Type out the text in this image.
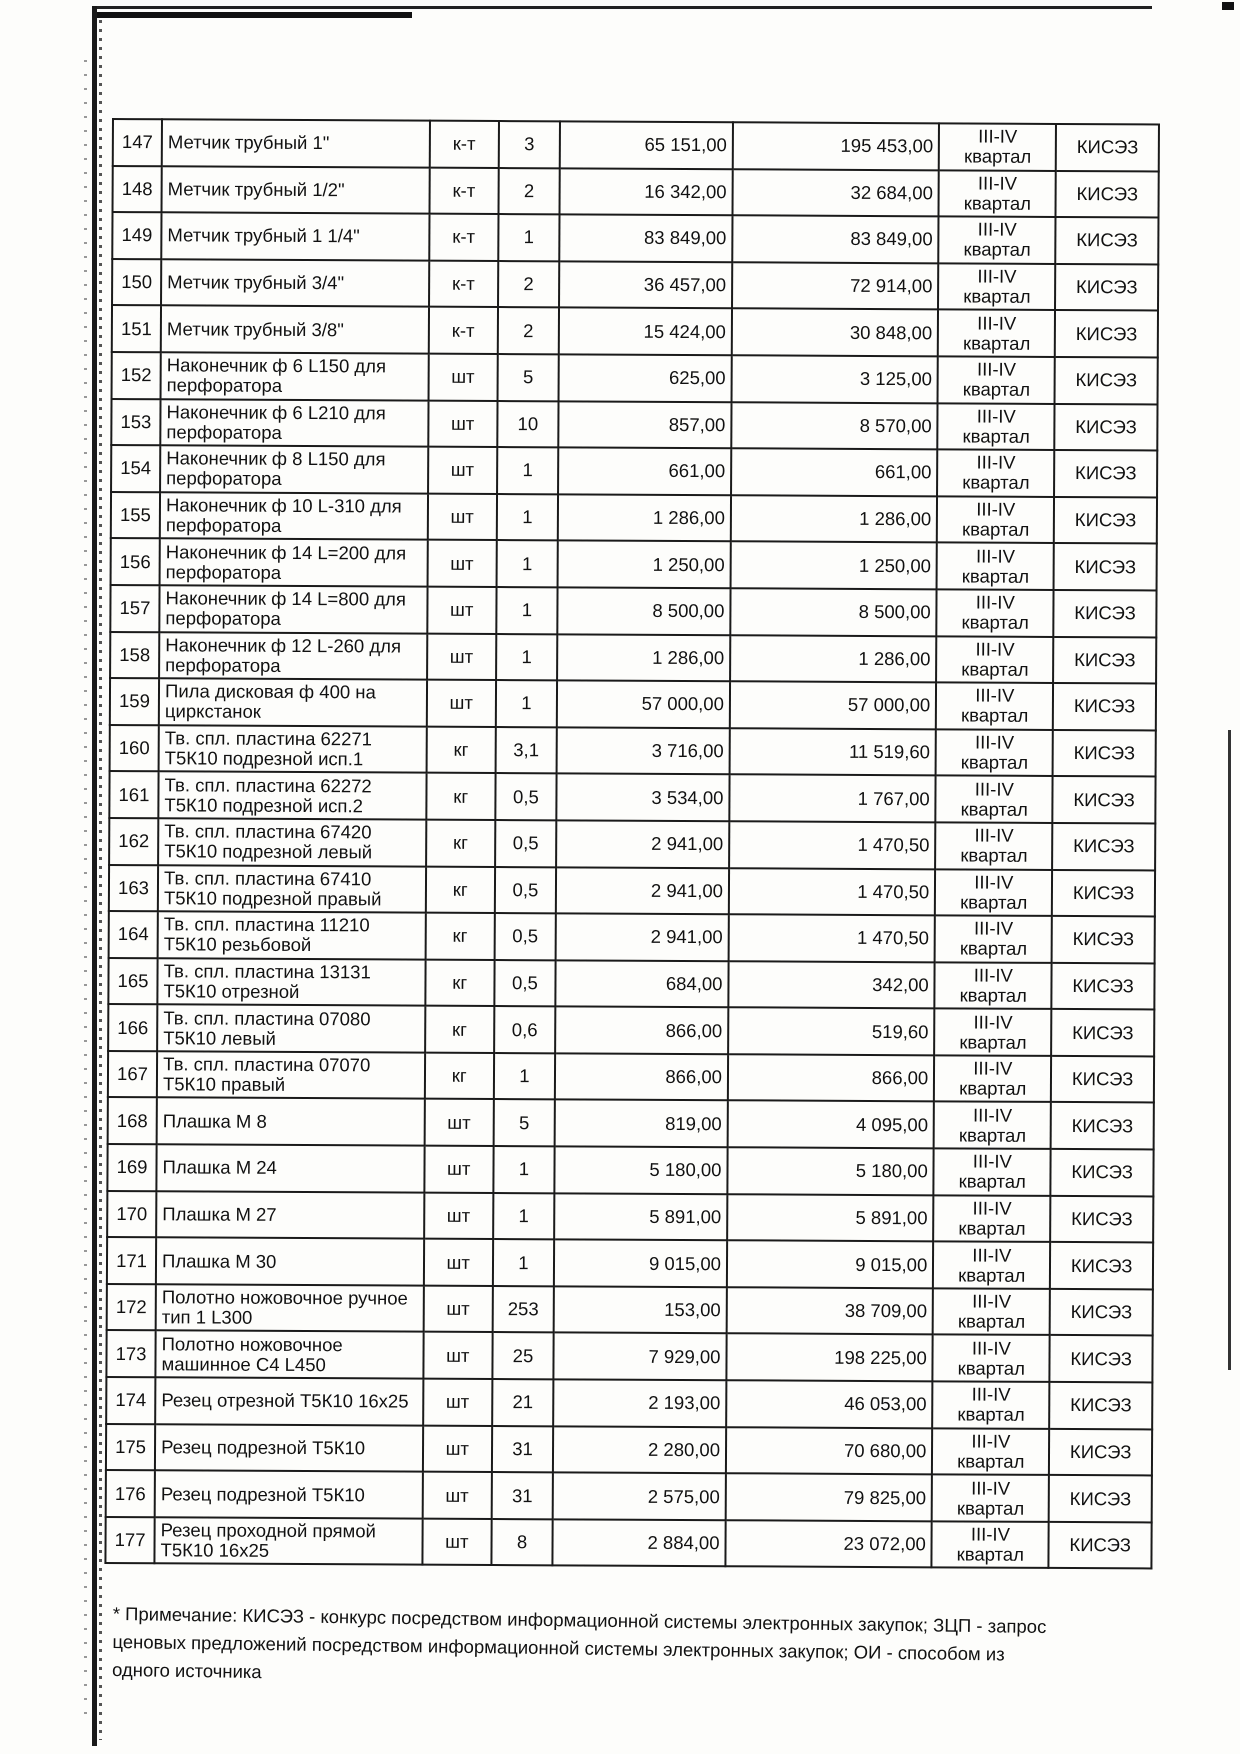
147	Метчик трубный 1"	к-т	3	65 151,00	195 453,00	III-IV квартал	КИСЭЗ
148	Метчик трубный 1/2"	к-т	2	16 342,00	32 684,00	III-IV квартал	КИСЭЗ
149	Метчик трубный 1 1/4"	к-т	1	83 849,00	83 849,00	III-IV квартал	КИСЭЗ
150	Метчик трубный 3/4"	к-т	2	36 457,00	72 914,00	III-IV квартал	КИСЭЗ
151	Метчик трубный 3/8"	к-т	2	15 424,00	30 848,00	III-IV квартал	КИСЭЗ
152	Наконечник ф 6 L150 для перфоратора	шт	5	625,00	3 125,00	III-IV квартал	КИСЭЗ
153	Наконечник ф 6 L210 для перфоратора	шт	10	857,00	8 570,00	III-IV квартал	КИСЭЗ
154	Наконечник ф 8 L150 для перфоратора	шт	1	661,00	661,00	III-IV квартал	КИСЭЗ
155	Наконечник ф 10 L-310 для перфоратора	шт	1	1 286,00	1 286,00	III-IV квартал	КИСЭЗ
156	Наконечник ф 14 L=200 для перфоратора	шт	1	1 250,00	1 250,00	III-IV квартал	КИСЭЗ
157	Наконечник ф 14 L=800 для перфоратора	шт	1	8 500,00	8 500,00	III-IV квартал	КИСЭЗ
158	Наконечник ф 12 L-260 для перфоратора	шт	1	1 286,00	1 286,00	III-IV квартал	КИСЭЗ
159	Пила дисковая ф 400 на циркстанок	шт	1	57 000,00	57 000,00	III-IV квартал	КИСЭЗ
160	Тв. спл. пластина 62271 Т5К10 подрезной исп.1	кг	3,1	3 716,00	11 519,60	III-IV квартал	КИСЭЗ
161	Тв. спл. пластина 62272 Т5К10 подрезной исп.2	кг	0,5	3 534,00	1 767,00	III-IV квартал	КИСЭЗ
162	Тв. спл. пластина 67420 Т5К10 подрезной левый	кг	0,5	2 941,00	1 470,50	III-IV квартал	КИСЭЗ
163	Тв. спл. пластина 67410 Т5К10 подрезной правый	кг	0,5	2 941,00	1 470,50	III-IV квартал	КИСЭЗ
164	Тв. спл. пластина 11210 Т5К10 резьбовой	кг	0,5	2 941,00	1 470,50	III-IV квартал	КИСЭЗ
165	Тв. спл. пластина 13131 Т5К10 отрезной	кг	0,5	684,00	342,00	III-IV квартал	КИСЭЗ
166	Тв. спл. пластина 07080 Т5К10 левый	кг	0,6	866,00	519,60	III-IV квартал	КИСЭЗ
167	Тв. спл. пластина 07070 Т5К10 правый	кг	1	866,00	866,00	III-IV квартал	КИСЭЗ
168	Плашка М 8	шт	5	819,00	4 095,00	III-IV квартал	КИСЭЗ
169	Плашка М 24	шт	1	5 180,00	5 180,00	III-IV квартал	КИСЭЗ
170	Плашка М 27	шт	1	5 891,00	5 891,00	III-IV квартал	КИСЭЗ
171	Плашка М 30	шт	1	9 015,00	9 015,00	III-IV квартал	КИСЭЗ
172	Полотно ножовочное ручное тип 1 L300	шт	253	153,00	38 709,00	III-IV квартал	КИСЭЗ
173	Полотно ножовочное машинное С4 L450	шт	25	7 929,00	198 225,00	III-IV квартал	КИСЭЗ
174	Резец отрезной Т5К10 16х25	шт	21	2 193,00	46 053,00	III-IV квартал	КИСЭЗ
175	Резец подрезной Т5К10	шт	31	2 280,00	70 680,00	III-IV квартал	КИСЭЗ
176	Резец подрезной Т5К10	шт	31	2 575,00	79 825,00	III-IV квартал	КИСЭЗ
177	Резец проходной прямой Т5К10 16х25	шт	8	2 884,00	23 072,00	III-IV квартал	КИСЭЗ
* Примечание: КИСЭЗ - конкурс посредством информационной системы электронных закупок; ЗЦП - запрос
ценовых предложений посредством информационной системы электронных закупок; ОИ - способом из
одного источника
